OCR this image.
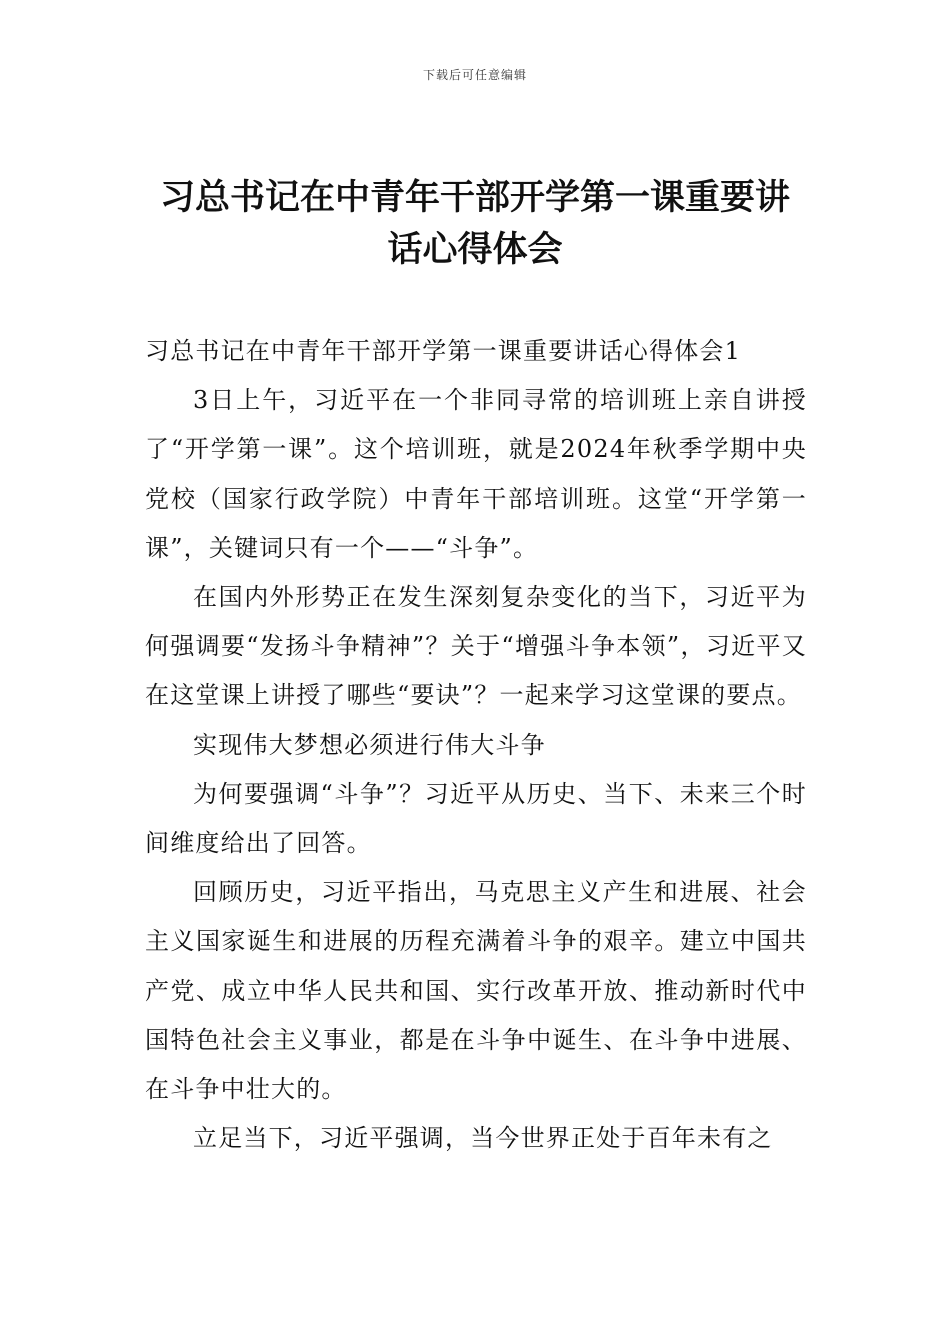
下载后可任意编辑
习总书记在中青年干部开学第一课重要讲话心得体会

习总书记在中青年干部开学第一课重要讲话心得体会1

3日上午，习近平在一个非同寻常的培训班上亲自讲授了“开学第一课”。这个培训班，就是2024年秋季学期中央党校（国家行政学院）中青年干部培训班。这堂“开学第一课”，关键词只有一个——“斗争”。

在国内外形势正在发生深刻复杂变化的当下，习近平为何强调要“发扬斗争精神”？关于“增强斗争本领”，习近平又在这堂课上讲授了哪些“要诀”？一起来学习这堂课的要点。

实现伟大梦想必须进行伟大斗争

为何要强调“斗争”？习近平从历史、当下、未来三个时间维度给出了回答。

回顾历史，习近平指出，马克思主义产生和进展、社会主义国家诞生和进展的历程充满着斗争的艰辛。建立中国共产党、成立中华人民共和国、实行改革开放、推动新时代中国特色社会主义事业，都是在斗争中诞生、在斗争中进展、在斗争中壮大的。

立足当下，习近平强调，当今世界正处于百年未有之
